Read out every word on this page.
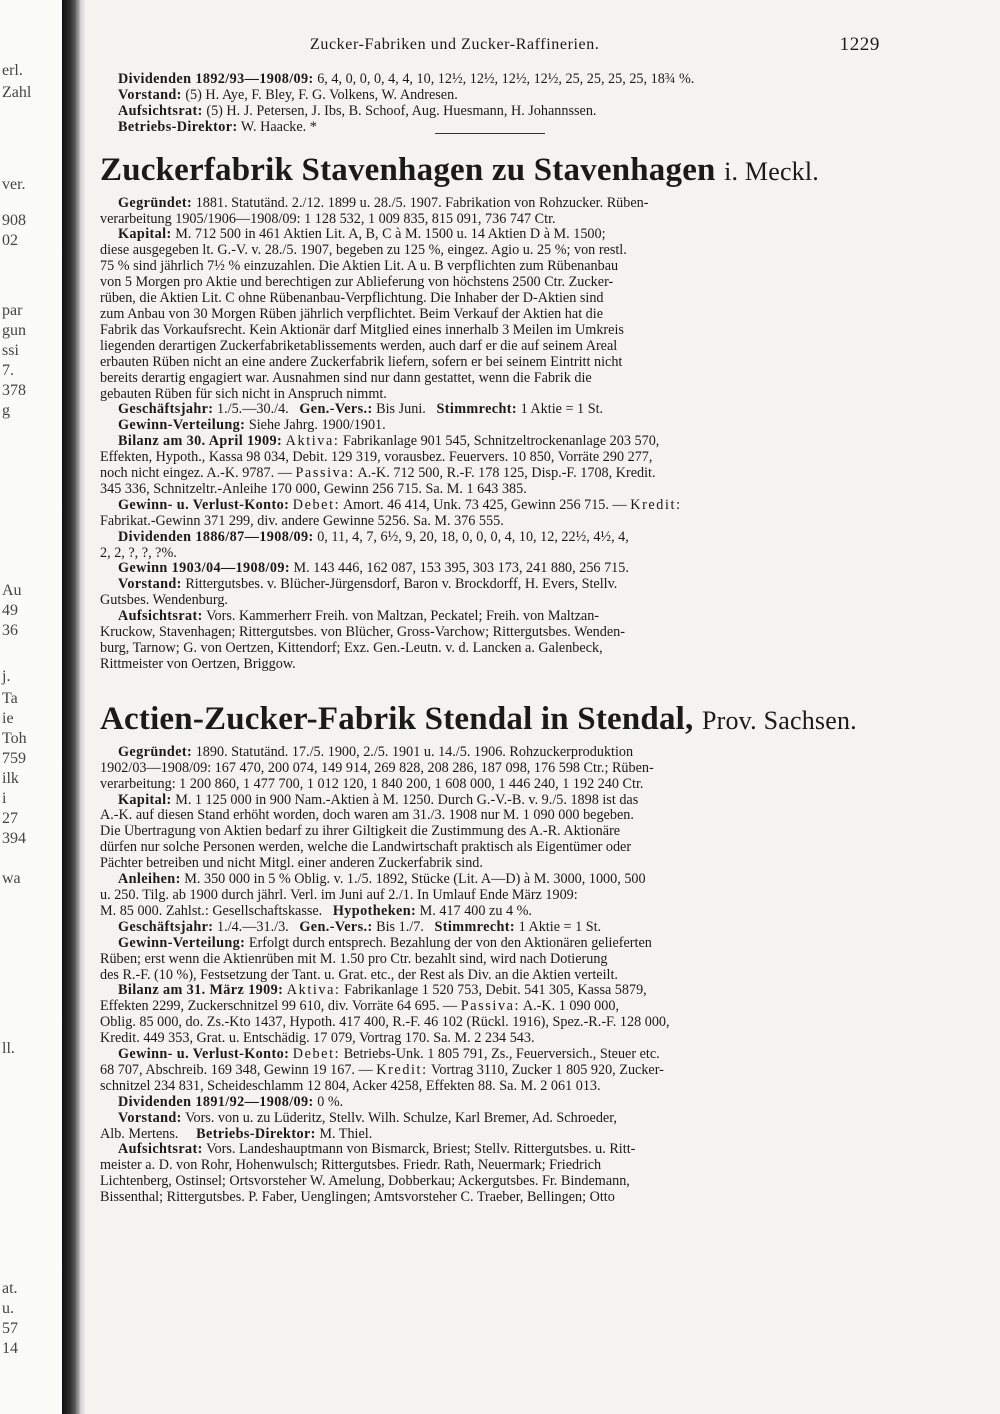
erl.
Zahl
ver.
908
02
par
gun
ssi
7.
378
g
Au
49
36
j.
Ta
ie
Toh
759
ilk
i
27
394
wa
ll.
at.
u.
57
14
Zucker-Fabriken und Zucker-Raffinerien.	1229

Dividenden 1892/93—1908/09: 6, 4, 0, 0, 0, 4, 4, 10, 12½, 12½, 12½, 12½, 25, 25, 25, 25, 18¾ %.

Vorstand: (5) H. Aye, F. Bley, F. G. Volkens, W. Andresen.

Aufsichtsrat: (5) H. J. Petersen, J. Ibs, B. Schoof, Aug. Huesmann, H. Johannssen.

Betriebs-Direktor: W. Haacke. *

Zuckerfabrik Stavenhagen zu Stavenhagen i. Meckl.

Gegründet: 1881. Statutänd. 2./12. 1899 u. 28./5. 1907. Fabrikation von Rohzucker. Rüben-

verarbeitung 1905/1906—1908/09: 1 128 532, 1 009 835, 815 091, 736 747 Ctr.

Kapital: M. 712 500 in 461 Aktien Lit. A, B, C à M. 1500 u. 14 Aktien D à M. 1500;

diese ausgegeben lt. G.-V. v. 28./5. 1907, begeben zu 125 %, eingez. Agio u. 25 %; von restl.

75 % sind jährlich 7½ % einzuzahlen. Die Aktien Lit. A u. B verpflichten zum Rübenanbau

von 5 Morgen pro Aktie und berechtigen zur Ablieferung von höchstens 2500 Ctr. Zucker-

rüben, die Aktien Lit. C ohne Rübenanbau-Verpflichtung. Die Inhaber der D-Aktien sind

zum Anbau von 30 Morgen Rüben jährlich verpflichtet. Beim Verkauf der Aktien hat die

Fabrik das Vorkaufsrecht. Kein Aktionär darf Mitglied eines innerhalb 3 Meilen im Umkreis

liegenden derartigen Zuckerfabriketablissements werden, auch darf er die auf seinem Areal

erbauten Rüben nicht an eine andere Zuckerfabrik liefern, sofern er bei seinem Eintritt nicht

bereits derartig engagiert war. Ausnahmen sind nur dann gestattet, wenn die Fabrik die

gebauten Rüben für sich nicht in Anspruch nimmt.

Geschäftsjahr: 1./5.—30./4. Gen.-Vers.: Bis Juni. Stimmrecht: 1 Aktie = 1 St.

Gewinn-Verteilung: Siehe Jahrg. 1900/1901.

Bilanz am 30. April 1909: Aktiva: Fabrikanlage 901 545, Schnitzeltrockenanlage 203 570,

Effekten, Hypoth., Kassa 98 034, Debit. 129 319, vorausbez. Feuervers. 10 850, Vorräte 290 277,

noch nicht eingez. A.-K. 9787. — Passiva: A.-K. 712 500, R.-F. 178 125, Disp.-F. 1708, Kredit.

345 336, Schnitzeltr.-Anleihe 170 000, Gewinn 256 715. Sa. M. 1 643 385.

Gewinn- u. Verlust-Konto: Debet: Amort. 46 414, Unk. 73 425, Gewinn 256 715. — Kredit:

Fabrikat.-Gewinn 371 299, div. andere Gewinne 5256. Sa. M. 376 555.

Dividenden 1886/87—1908/09: 0, 11, 4, 7, 6½, 9, 20, 18, 0, 0, 0, 4, 10, 12, 22½, 4½, 4,

2, 2, ?, ?, ?%.

Gewinn 1903/04—1908/09: M. 143 446, 162 087, 153 395, 303 173, 241 880, 256 715.

Vorstand: Rittergutsbes. v. Blücher-Jürgensdorf, Baron v. Brockdorff, H. Evers, Stellv.

Gutsbes. Wendenburg.

Aufsichtsrat: Vors. Kammerherr Freih. von Maltzan, Peckatel; Freih. von Maltzan-

Kruckow, Stavenhagen; Rittergutsbes. von Blücher, Gross-Varchow; Rittergutsbes. Wenden-

burg, Tarnow; G. von Oertzen, Kittendorf; Exz. Gen.-Leutn. v. d. Lancken a. Galenbeck,

Rittmeister von Oertzen, Briggow.

Actien-Zucker-Fabrik Stendal in Stendal, Prov. Sachsen.

Gegründet: 1890. Statutänd. 17./5. 1900, 2./5. 1901 u. 14./5. 1906. Rohzuckerproduktion

1902/03—1908/09: 167 470, 200 074, 149 914, 269 828, 208 286, 187 098, 176 598 Ctr.; Rüben-

verarbeitung: 1 200 860, 1 477 700, 1 012 120, 1 840 200, 1 608 000, 1 446 240, 1 192 240 Ctr.

Kapital: M. 1 125 000 in 900 Nam.-Aktien à M. 1250. Durch G.-V.-B. v. 9./5. 1898 ist das

A.-K. auf diesen Stand erhöht worden, doch waren am 31./3. 1908 nur M. 1 090 000 begeben.

Die Übertragung von Aktien bedarf zu ihrer Giltigkeit die Zustimmung des A.-R. Aktionäre

dürfen nur solche Personen werden, welche die Landwirtschaft praktisch als Eigentümer oder

Pächter betreiben und nicht Mitgl. einer anderen Zuckerfabrik sind.

Anleihen: M. 350 000 in 5 % Oblig. v. 1./5. 1892, Stücke (Lit. A—D) à M. 3000, 1000, 500

u. 250. Tilg. ab 1900 durch jährl. Verl. im Juni auf 2./1. In Umlauf Ende März 1909:

M. 85 000. Zahlst.: Gesellschaftskasse. Hypotheken: M. 417 400 zu 4 %.

Geschäftsjahr: 1./4.—31./3. Gen.-Vers.: Bis 1./7. Stimmrecht: 1 Aktie = 1 St.

Gewinn-Verteilung: Erfolgt durch entsprech. Bezahlung der von den Aktionären gelieferten

Rüben; erst wenn die Aktienrüben mit M. 1.50 pro Ctr. bezahlt sind, wird nach Dotierung

des R.-F. (10 %), Festsetzung der Tant. u. Grat. etc., der Rest als Div. an die Aktien verteilt.

Bilanz am 31. März 1909: Aktiva: Fabrikanlage 1 520 753, Debit. 541 305, Kassa 5879,

Effekten 2299, Zuckerschnitzel 99 610, div. Vorräte 64 695. — Passiva: A.-K. 1 090 000,

Oblig. 85 000, do. Zs.-Kto 1437, Hypoth. 417 400, R.-F. 46 102 (Rückl. 1916), Spez.-R.-F. 128 000,

Kredit. 449 353, Grat. u. Entschädig. 17 079, Vortrag 170. Sa. M. 2 234 543.

Gewinn- u. Verlust-Konto: Debet: Betriebs-Unk. 1 805 791, Zs., Feuerversich., Steuer etc.

68 707, Abschreib. 169 348, Gewinn 19 167. — Kredit: Vortrag 3110, Zucker 1 805 920, Zucker-

schnitzel 234 831, Scheideschlamm 12 804, Acker 4258, Effekten 88. Sa. M. 2 061 013.

Dividenden 1891/92—1908/09: 0 %.

Vorstand: Vors. von u. zu Lüderitz, Stellv. Wilh. Schulze, Karl Bremer, Ad. Schroeder,

Alb. Mertens. Betriebs-Direktor: M. Thiel.

Aufsichtsrat: Vors. Landeshauptmann von Bismarck, Briest; Stellv. Rittergutsbes. u. Ritt-

meister a. D. von Rohr, Hohenwulsch; Rittergutsbes. Friedr. Rath, Neuermark; Friedrich

Lichtenberg, Ostinsel; Ortsvorsteher W. Amelung, Dobberkau; Ackergutsbes. Fr. Bindemann,

Bissenthal; Rittergutsbes. P. Faber, Uenglingen; Amtsvorsteher C. Traeber, Bellingen; Otto
